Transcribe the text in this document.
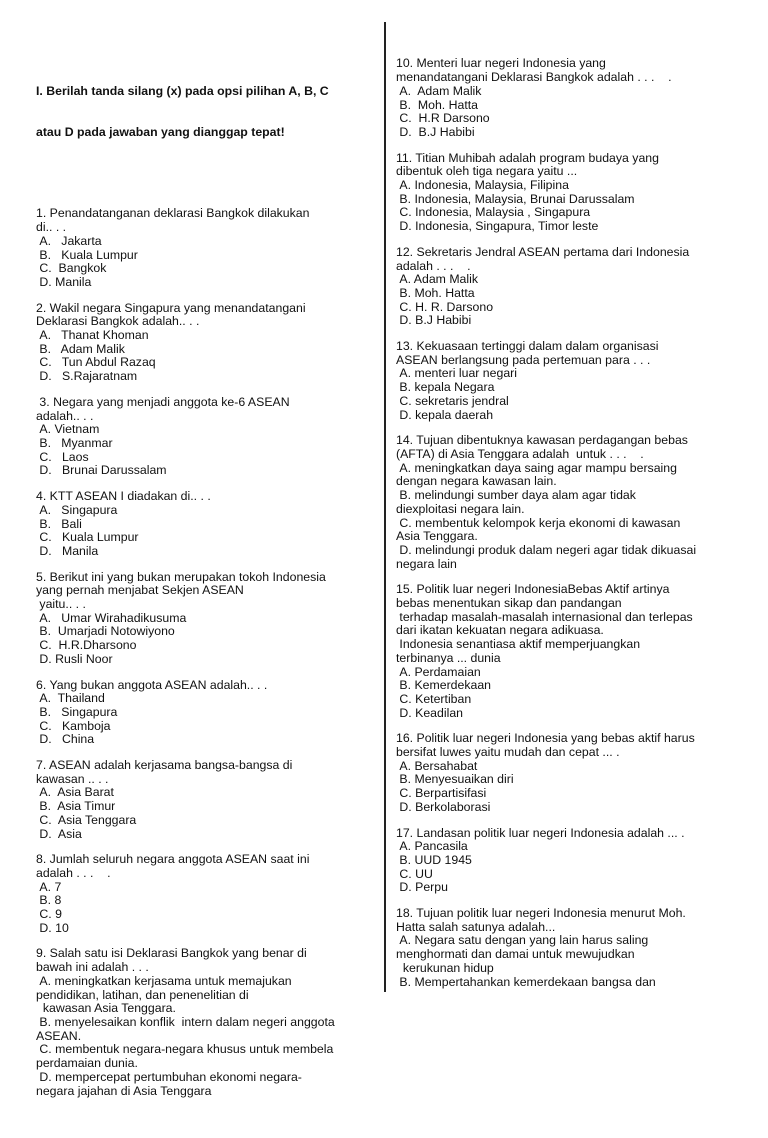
I. Berilah tanda silang (x) pada opsi pilihan A, B, C

atau D pada jawaban yang dianggap tepat!

1. Penandatanganan deklarasi Bangkok dilakukan
di.. . .
A.   Jakarta
B.   Kuala Lumpur
C.  Bangkok
D. Manila
2. Wakil negara Singapura yang menandatangani
Deklarasi Bangkok adalah.. . .
A.   Thanat Khoman
B.   Adam Malik
C.   Tun Abdul Razaq
D.   S.Rajaratnam
3. Negara yang menjadi anggota ke-6 ASEAN
adalah.. . .
A. Vietnam
B.   Myanmar
C.   Laos
D.   Brunai Darussalam
4. KTT ASEAN I diadakan di.. . .
A.   Singapura
B.   Bali
C.   Kuala Lumpur
D.   Manila
5. Berikut ini yang bukan merupakan tokoh Indonesia
yang pernah menjabat Sekjen ASEAN
yaitu.. . .
A.   Umar Wirahadikusuma
B.  Umarjadi Notowiyono
C.  H.R.Dharsono
D. Rusli Noor
6. Yang bukan anggota ASEAN adalah.. . .
A.  Thailand
B.   Singapura
C.   Kamboja
D.   China
7. ASEAN adalah kerjasama bangsa-bangsa di
kawasan .. . .
A.  Asia Barat
B.  Asia Timur
C.  Asia Tenggara
D.  Asia
8. Jumlah seluruh negara anggota ASEAN saat ini
adalah . . .    .
A. 7
B. 8
C. 9
D. 10
9. Salah satu isi Deklarasi Bangkok yang benar di
bawah ini adalah . . .
A. meningkatkan kerjasama untuk memajukan
pendidikan, latihan, dan penenelitian di
kawasan Asia Tenggara.
B. menyelesaikan konflik  intern dalam negeri anggota
ASEAN.
C. membentuk negara-negara khusus untuk membela
perdamaian dunia.
D. mempercepat pertumbuhan ekonomi negara-
negara jajahan di Asia Tenggara

10. Menteri luar negeri Indonesia yang
menandatangani Deklarasi Bangkok adalah . . .    .
A.  Adam Malik
B.  Moh. Hatta
C.  H.R Darsono
D.  B.J Habibi
11. Titian Muhibah adalah program budaya yang
dibentuk oleh tiga negara yaitu ...
A. Indonesia, Malaysia, Filipina
B. Indonesia, Malaysia, Brunai Darussalam
C. Indonesia, Malaysia , Singapura
D. Indonesia, Singapura, Timor leste
12. Sekretaris Jendral ASEAN pertama dari Indonesia
adalah . . .    .
A. Adam Malik
B. Moh. Hatta
C. H. R. Darsono
D. B.J Habibi
13. Kekuasaan tertinggi dalam dalam organisasi
ASEAN berlangsung pada pertemuan para . . .
A. menteri luar negari
B. kepala Negara
C. sekretaris jendral
D. kepala daerah
14. Tujuan dibentuknya kawasan perdagangan bebas
(AFTA) di Asia Tenggara adalah  untuk . . .    .
A. meningkatkan daya saing agar mampu bersaing
dengan negara kawasan lain.
B. melindungi sumber daya alam agar tidak
diexploitasi negara lain.
C. membentuk kelompok kerja ekonomi di kawasan
Asia Tenggara.
D. melindungi produk dalam negeri agar tidak dikuasai
negara lain
15. Politik luar negeri IndonesiaBebas Aktif artinya
bebas menentukan sikap dan pandangan
terhadap masalah-masalah internasional dan terlepas
dari ikatan kekuatan negara adikuasa.
Indonesia senantiasa aktif memperjuangkan
terbinanya ... dunia
A. Perdamaian
B. Kemerdekaan
C. Ketertiban
D. Keadilan
16. Politik luar negeri Indonesia yang bebas aktif harus
bersifat luwes yaitu mudah dan cepat ... .
A. Bersahabat
B. Menyesuaikan diri
C. Berpartisifasi
D. Berkolaborasi
17. Landasan politik luar negeri Indonesia adalah ... .
A. Pancasila
B. UUD 1945
C. UU
D. Perpu
18. Tujuan politik luar negeri Indonesia menurut Moh.
Hatta salah satunya adalah...
A. Negara satu dengan yang lain harus saling
menghormati dan damai untuk mewujudkan
kerukunan hidup
B. Mempertahankan kemerdekaan bangsa dan
